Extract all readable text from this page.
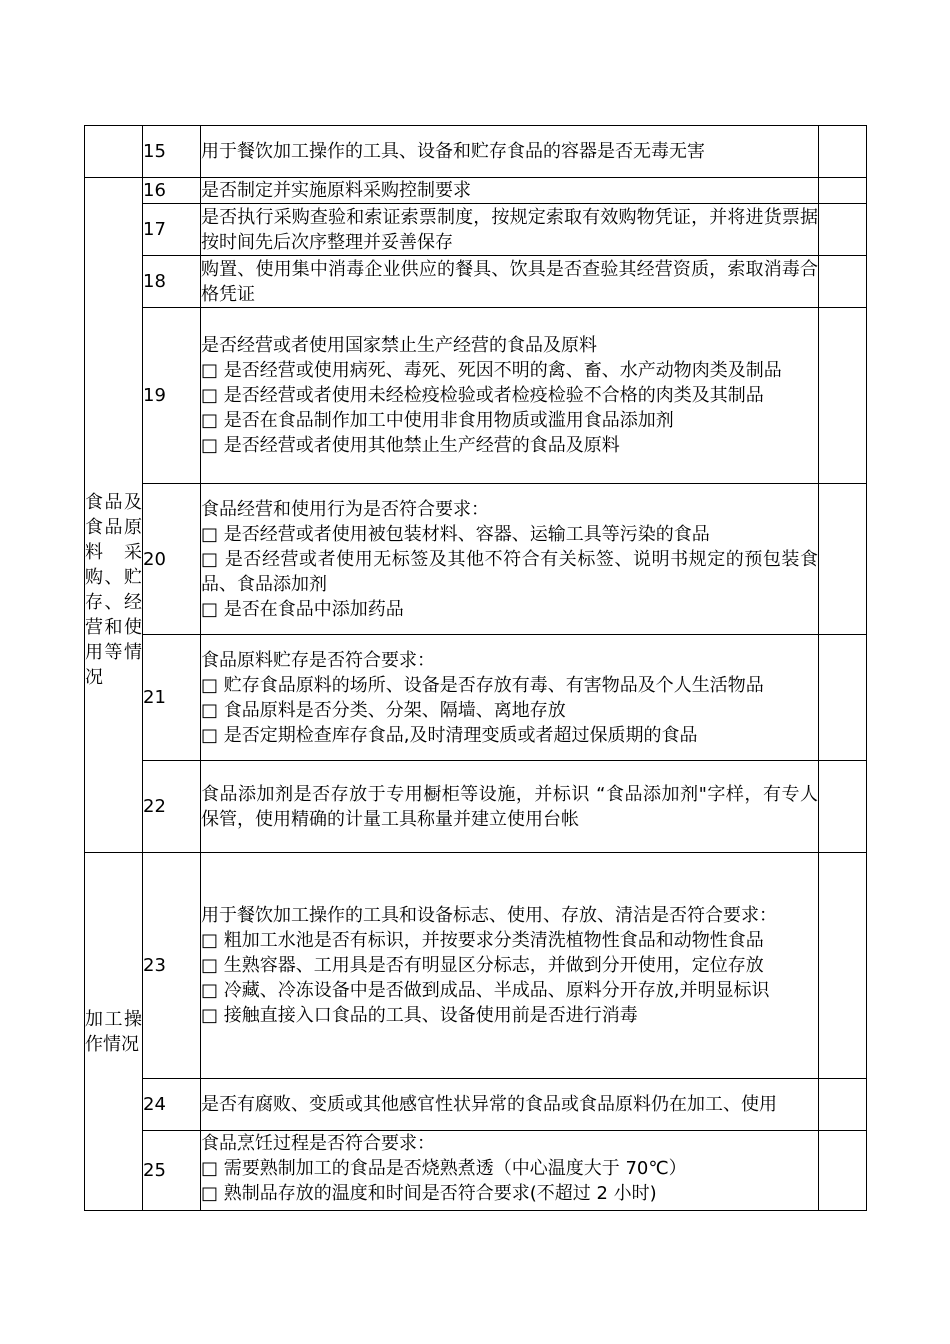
	15	用于餐饮加工操作的工具、设备和贮存食品的容器是否无毒无害	

食品及食品原料采购、贮存、经营和使用等情况	16	是否制定并实施原料采购控制要求	

	17	是否执行采购查验和索证索票制度，按规定索取有效购物凭证，并将进货票据按时间先后次序整理并妥善保存	

	18	购置、使用集中消毒企业供应的餐具、饮具是否查验其经营资质，索取消毒合格凭证	

	19	是否经营或者使用国家禁止生产经营的食品及原料
□ 是否经营或使用病死、毒死、死因不明的禽、畜、水产动物肉类及制品
□ 是否经营或者使用未经检疫检验或者检疫检验不合格的肉类及其制品
□ 是否在食品制作加工中使用非食用物质或滥用食品添加剂
□ 是否经营或者使用其他禁止生产经营的食品及原料	

	20	食品经营和使用行为是否符合要求：
□ 是否经营或者使用被包装材料、容器、运输工具等污染的食品
□ 是否经营或者使用无标签及其他不符合有关标签、说明书规定的预包装食品、食品添加剂
□ 是否在食品中添加药品	

	21	食品原料贮存是否符合要求：
□ 贮存食品原料的场所、设备是否存放有毒、有害物品及个人生活物品
□ 食品原料是否分类、分架、隔墙、离地存放
□ 是否定期检查库存食品,及时清理变质或者超过保质期的食品	

	22	食品添加剂是否存放于专用橱柜等设施，并标识 “食品添加剂"字样，有专人保管，使用精确的计量工具称量并建立使用台帐	

加工操作情况	23	用于餐饮加工操作的工具和设备标志、使用、存放、清洁是否符合要求：
□ 粗加工水池是否有标识，并按要求分类清洗植物性食品和动物性食品
□ 生熟容器、工用具是否有明显区分标志，并做到分开使用，定位存放
□ 冷藏、冷冻设备中是否做到成品、半成品、原料分开存放,并明显标识
□ 接触直接入口食品的工具、设备使用前是否进行消毒	

	24	是否有腐败、变质或其他感官性状异常的食品或食品原料仍在加工、使用	

	25	食品烹饪过程是否符合要求：
□ 需要熟制加工的食品是否烧熟煮透（中心温度大于 70℃）
□ 熟制品存放的温度和时间是否符合要求(不超过 2 小时)	
